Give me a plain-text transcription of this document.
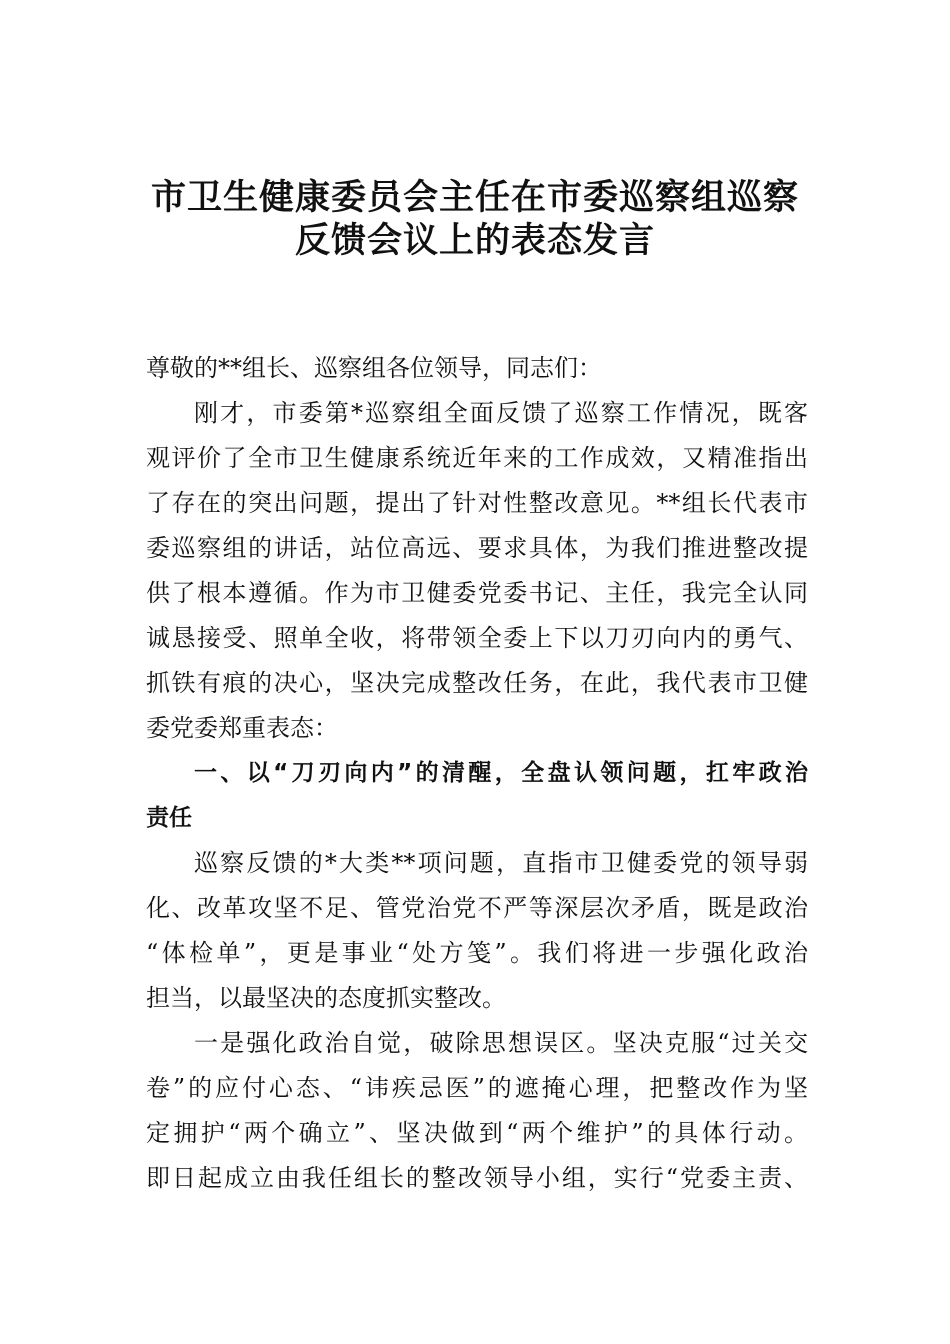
市卫生健康委员会主任在市委巡察组巡察
反馈会议上的表态发言
尊敬的**组长、巡察组各位领导，同志们：
刚才，市委第*巡察组全面反馈了巡察工作情况，既客
观评价了全市卫生健康系统近年来的工作成效，又精准指出
了存在的突出问题，提出了针对性整改意见。**组长代表市
委巡察组的讲话，站位高远、要求具体，为我们推进整改提
供了根本遵循。作为市卫健委党委书记、主任，我完全认同
诚恳接受、照单全收，将带领全委上下以刀刃向内的勇气、
抓铁有痕的决心，坚决完成整改任务，在此，我代表市卫健
委党委郑重表态：
一、以“刀刃向内”的清醒，全盘认领问题，扛牢政治
责任
巡察反馈的*大类**项问题，直指市卫健委党的领导弱
化、改革攻坚不足、管党治党不严等深层次矛盾，既是政治
“体检单”，更是事业“处方笺”。我们将进一步强化政治
担当，以最坚决的态度抓实整改。
一是强化政治自觉，破除思想误区。坚决克服“过关交
卷”的应付心态、“讳疾忌医”的遮掩心理，把整改作为坚
定拥护“两个确立”、坚决做到“两个维护”的具体行动。
即日起成立由我任组长的整改领导小组，实行“党委主责、
